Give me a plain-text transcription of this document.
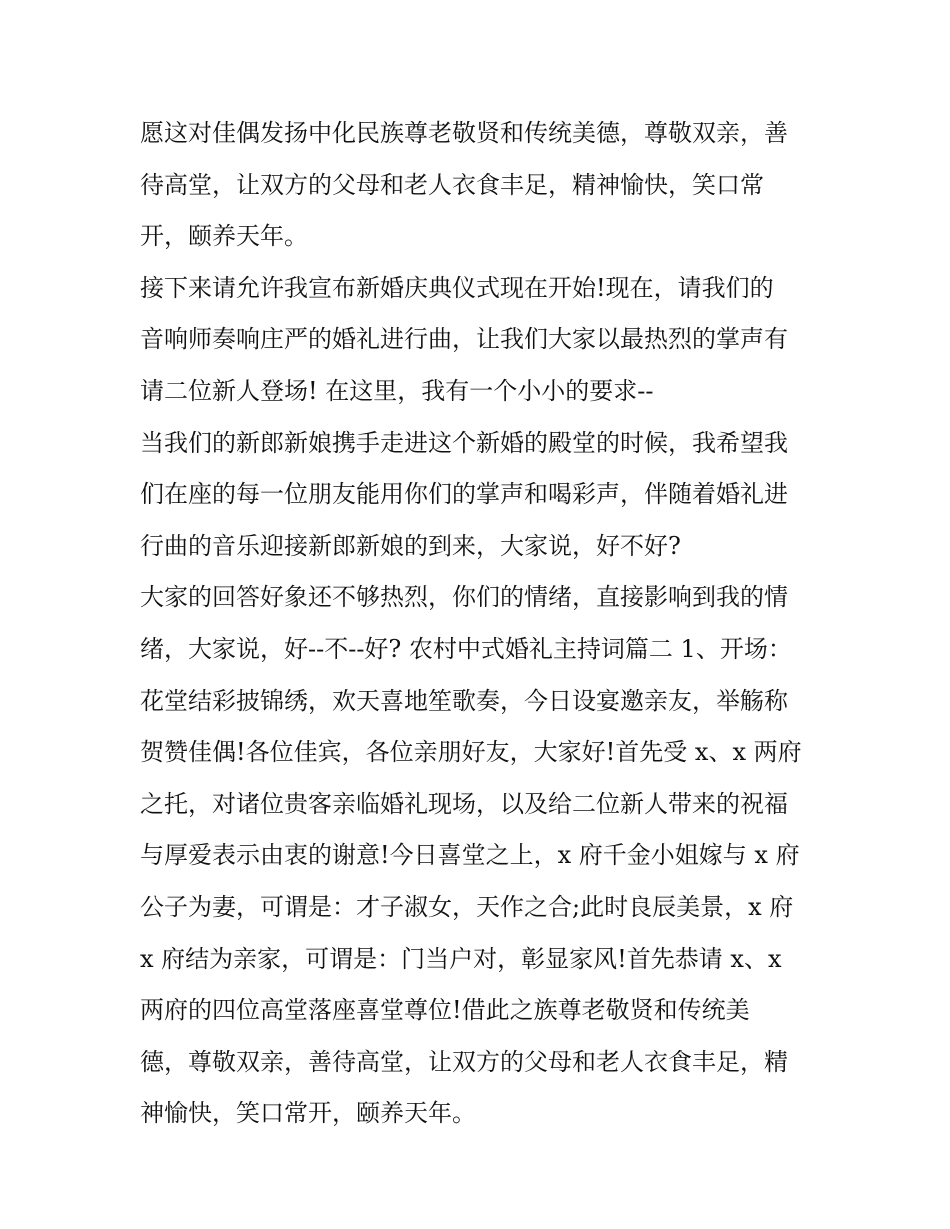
愿这对佳偶发扬中化民族尊老敬贤和传统美德，尊敬双亲，善
待高堂，让双方的父母和老人衣食丰足，精神愉快，笑口常
开，颐养天年。
接下来请允许我宣布新婚庆典仪式现在开始!现在，请我们的
音响师奏响庄严的婚礼进行曲，让我们大家以最热烈的掌声有
请二位新人登场! 在这里，我有一个小小的要求--
当我们的新郎新娘携手走进这个新婚的殿堂的时候，我希望我
们在座的每一位朋友能用你们的掌声和喝彩声，伴随着婚礼进
行曲的音乐迎接新郎新娘的到来，大家说，好不好?
大家的回答好象还不够热烈，你们的情绪，直接影响到我的情
绪，大家说，好--不--好? 农村中式婚礼主持词篇二 1、开场：
花堂结彩披锦绣，欢天喜地笙歌奏，今日设宴邀亲友，举觞称
贺赞佳偶!各位佳宾，各位亲朋好友，大家好!首先受 x、x 两府
之托，对诸位贵客亲临婚礼现场，以及给二位新人带来的祝福
与厚爱表示由衷的谢意!今日喜堂之上，x 府千金小姐嫁与 x 府
公子为妻，可谓是：才子淑女，天作之合;此时良辰美景，x 府
x 府结为亲家，可谓是：门当户对，彰显家风!首先恭请 x、x
两府的四位高堂落座喜堂尊位!借此之族尊老敬贤和传统美
德，尊敬双亲，善待高堂，让双方的父母和老人衣食丰足，精
神愉快，笑口常开，颐养天年。
